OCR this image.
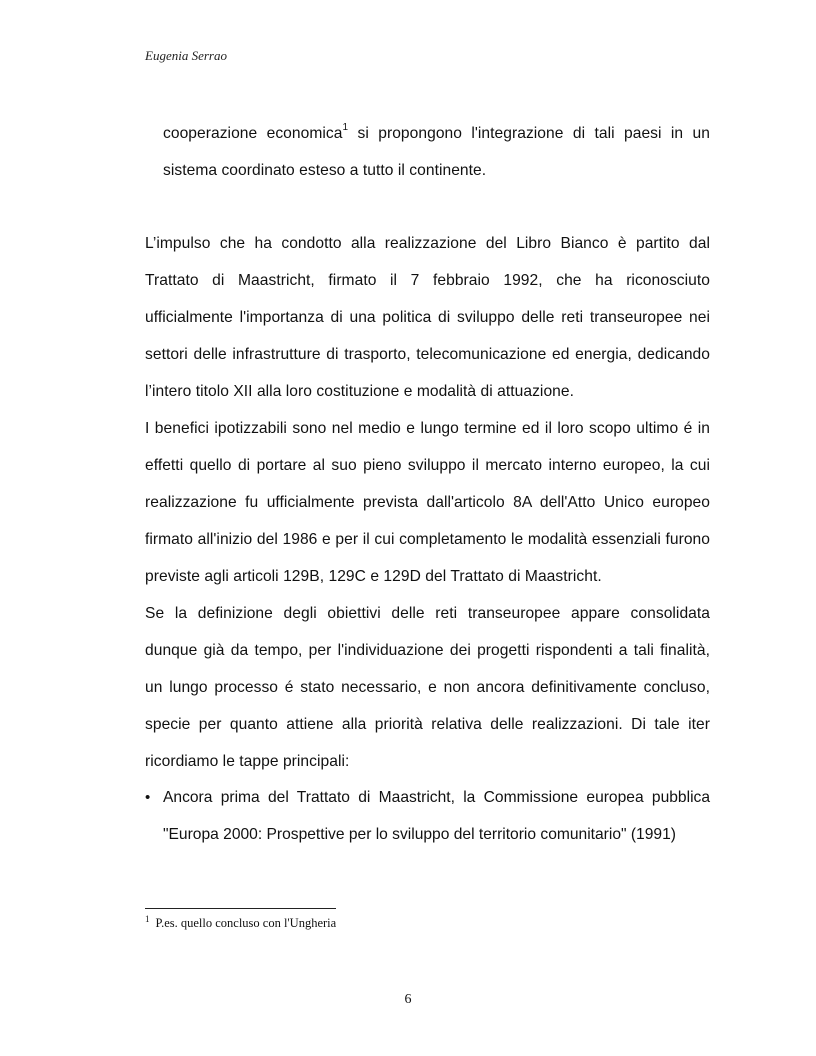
Eugenia Serrao
cooperazione economica$^1$ si propongono l'integrazione di tali paesi in un sistema coordinato esteso a tutto il continente.
L’impulso che ha condotto alla realizzazione del Libro Bianco è partito dal Trattato di Maastricht, firmato il 7 febbraio 1992, che ha riconosciuto ufficialmente l'importanza di una politica di sviluppo delle reti transeuropee nei settori delle infrastrutture di trasporto, telecomunicazione ed energia, dedicando l’intero titolo XII alla loro costituzione e modalità di attuazione.
I benefici ipotizzabili sono nel medio e lungo termine ed il loro scopo ultimo é in effetti quello di portare al suo pieno sviluppo il mercato interno europeo, la cui realizzazione fu ufficialmente prevista dall'articolo 8A dell'Atto Unico europeo firmato all'inizio del 1986 e per il cui completamento le modalità essenziali furono previste agli articoli 129B, 129C e 129D del Trattato di Maastricht.
Se la definizione degli obiettivi delle reti transeuropee appare consolidata dunque già da tempo, per l'individuazione dei progetti rispondenti a tali finalità, un lungo processo é stato necessario, e non ancora definitivamente concluso, specie per quanto attiene alla priorità relativa delle realizzazioni. Di tale iter ricordiamo le tappe principali:
• Ancora prima del Trattato di Maastricht, la Commissione europea pubblica "Europa 2000: Prospettive per lo sviluppo del territorio comunitario" (1991)
$^1$ P.es. quello concluso con l'Ungheria
6
